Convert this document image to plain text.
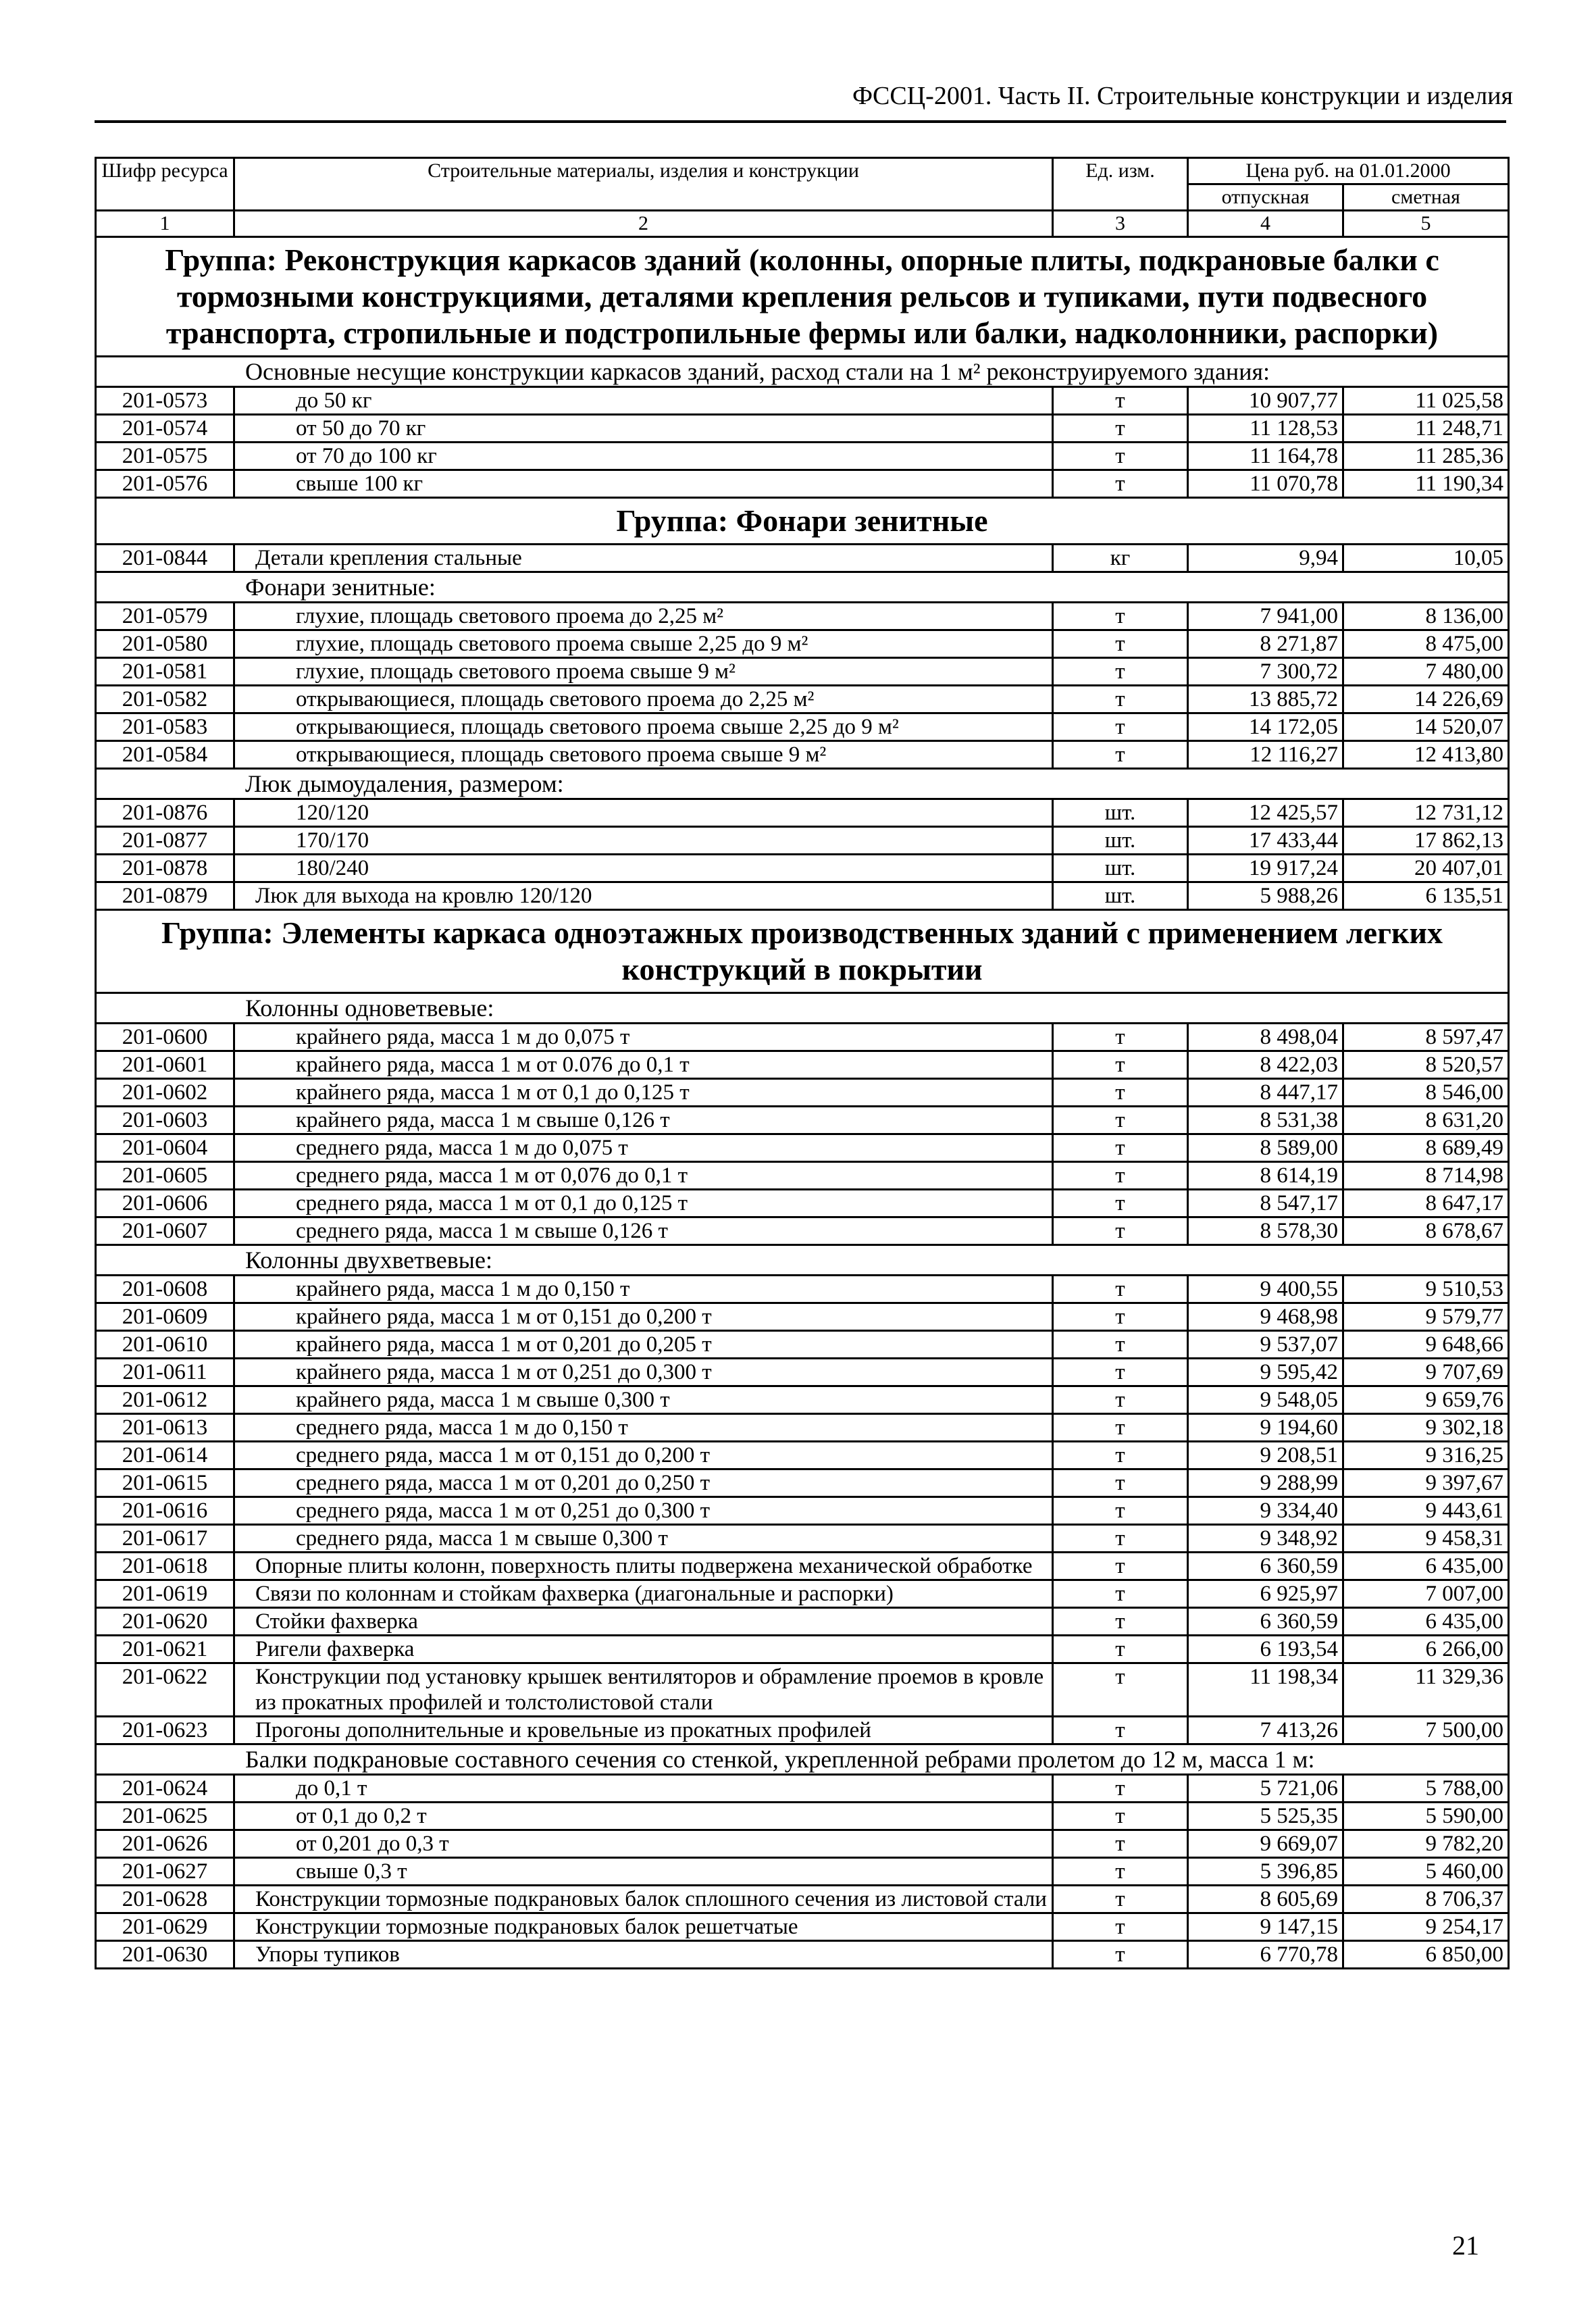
ФССЦ-2001. Часть II. Строительные конструкции и изделия
Шифр ресурса	Строительные материалы, изделия и конструкции	Ед. изм.	Цена руб. на 01.01.2000	
			отпускная	сметная
1	2	3	4	5
Группа: Реконструкция каркасов зданий (колонны, опорные плиты, подкрановые балки с тормозными конструкциями, деталями крепления рельсов и тупиками, пути подвесного транспорта, стропильные и подстропильные фермы или балки, надколонники, распорки)				
Основные несущие конструкции каркасов зданий, расход стали на 1 м² реконструируемого здания:				
201-0573	до 50 кг	т	10 907,77	11 025,58
201-0574	от 50 до 70 кг	т	11 128,53	11 248,71
201-0575	от 70 до 100 кг	т	11 164,78	11 285,36
201-0576	свыше 100 кг	т	11 070,78	11 190,34
Группа: Фонари зенитные				
201-0844	Детали крепления стальные	кг	9,94	10,05
Фонари зенитные:				
201-0579	глухие, площадь светового проема до 2,25 м²	т	7 941,00	8 136,00
201-0580	глухие, площадь светового проема свыше 2,25 до 9 м²	т	8 271,87	8 475,00
201-0581	глухие, площадь светового проема свыше 9 м²	т	7 300,72	7 480,00
201-0582	открывающиеся, площадь светового проема до 2,25 м²	т	13 885,72	14 226,69
201-0583	открывающиеся, площадь светового проема свыше 2,25 до 9 м²	т	14 172,05	14 520,07
201-0584	открывающиеся, площадь светового проема свыше 9 м²	т	12 116,27	12 413,80
Люк дымоудаления, размером:				
201-0876	120/120	шт.	12 425,57	12 731,12
201-0877	170/170	шт.	17 433,44	17 862,13
201-0878	180/240	шт.	19 917,24	20 407,01
201-0879	Люк для выхода на кровлю 120/120	шт.	5 988,26	6 135,51
Группа: Элементы каркаса одноэтажных производственных зданий с применением легких конструкций в покрытии				
Колонны одноветвевые:				
201-0600	крайнего ряда, масса 1 м до 0,075 т	т	8 498,04	8 597,47
201-0601	крайнего ряда, масса 1 м от 0.076 до 0,1 т	т	8 422,03	8 520,57
201-0602	крайнего ряда, масса 1 м от 0,1 до 0,125 т	т	8 447,17	8 546,00
201-0603	крайнего ряда, масса 1 м свыше 0,126 т	т	8 531,38	8 631,20
201-0604	среднего ряда, масса 1 м до 0,075 т	т	8 589,00	8 689,49
201-0605	среднего ряда, масса 1 м от 0,076 до 0,1 т	т	8 614,19	8 714,98
201-0606	среднего ряда, масса 1 м от 0,1 до 0,125 т	т	8 547,17	8 647,17
201-0607	среднего ряда, масса 1 м свыше 0,126 т	т	8 578,30	8 678,67
Колонны двухветвевые:				
201-0608	крайнего ряда, масса 1 м до 0,150 т	т	9 400,55	9 510,53
201-0609	крайнего ряда, масса 1 м от 0,151 до 0,200 т	т	9 468,98	9 579,77
201-0610	крайнего ряда, масса 1 м от 0,201 до 0,205 т	т	9 537,07	9 648,66
201-0611	крайнего ряда, масса 1 м от 0,251 до 0,300 т	т	9 595,42	9 707,69
201-0612	крайнего ряда, масса 1 м свыше 0,300 т	т	9 548,05	9 659,76
201-0613	среднего ряда, масса 1 м до 0,150 т	т	9 194,60	9 302,18
201-0614	среднего ряда, масса 1 м от 0,151 до 0,200 т	т	9 208,51	9 316,25
201-0615	среднего ряда, масса 1 м от 0,201 до 0,250 т	т	9 288,99	9 397,67
201-0616	среднего ряда, масса 1 м от 0,251 до 0,300 т	т	9 334,40	9 443,61
201-0617	среднего ряда, масса 1 м свыше 0,300 т	т	9 348,92	9 458,31
201-0618	Опорные плиты колонн, поверхность плиты подвержена механической обработке	т	6 360,59	6 435,00
201-0619	Связи по колоннам и стойкам фахверка (диагональные и распорки)	т	6 925,97	7 007,00
201-0620	Стойки фахверка	т	6 360,59	6 435,00
201-0621	Ригели фахверка	т	6 193,54	6 266,00
201-0622	Конструкции под установку крышек вентиляторов и обрамление проемов в кровле из прокатных профилей и толстолистовой стали	т	11 198,34	11 329,36
201-0623	Прогоны дополнительные и кровельные из прокатных профилей	т	7 413,26	7 500,00
Балки подкрановые составного сечения со стенкой, укрепленной ребрами пролетом до 12 м, масса 1 м:				
201-0624	до 0,1 т	т	5 721,06	5 788,00
201-0625	от 0,1 до 0,2 т	т	5 525,35	5 590,00
201-0626	от 0,201 до 0,3 т	т	9 669,07	9 782,20
201-0627	свыше 0,3 т	т	5 396,85	5 460,00
201-0628	Конструкции тормозные подкрановых балок сплошного сечения из листовой стали	т	8 605,69	8 706,37
201-0629	Конструкции тормозные подкрановых балок решетчатые	т	9 147,15	9 254,17
201-0630	Упоры тупиков	т	6 770,78	6 850,00
21
